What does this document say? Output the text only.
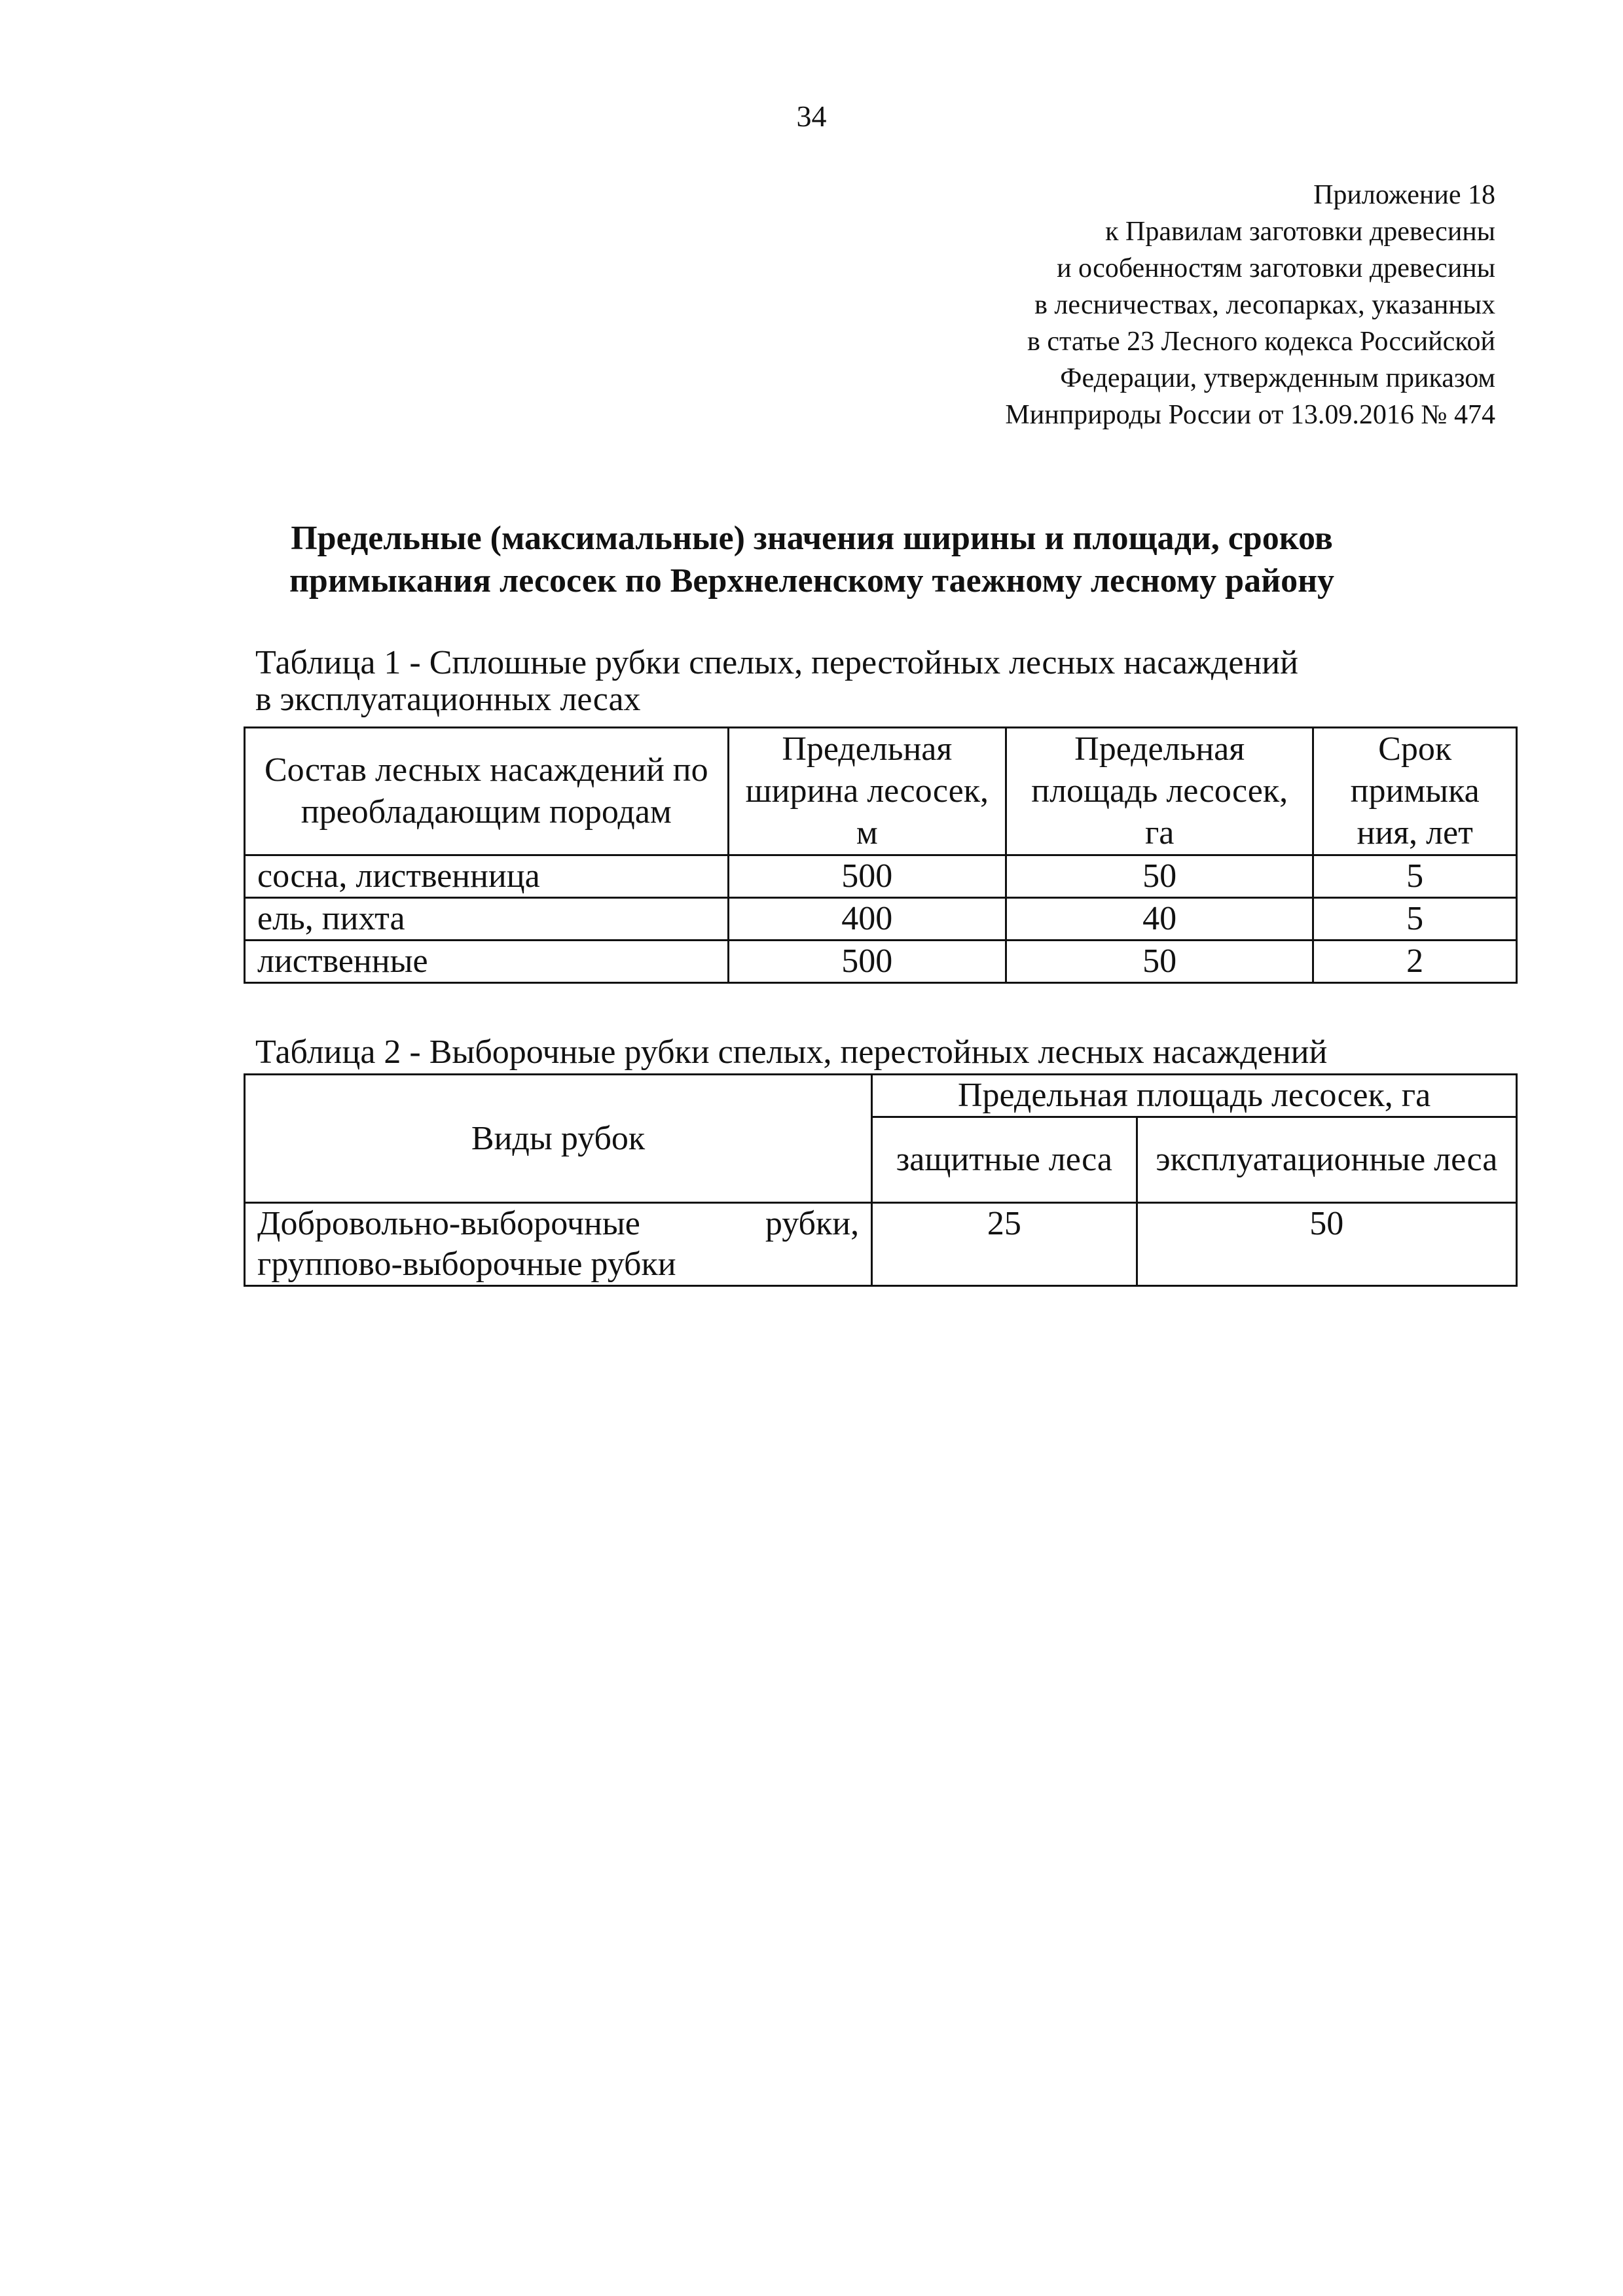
34
Приложение 18
к Правилам заготовки древесины
и особенностям заготовки древесины
в лесничествах, лесопарках, указанных
в статье 23 Лесного кодекса Российской
Федерации, утвержденным приказом
Минприроды России от 13.09.2016 № 474
Предельные (максимальные) значения ширины и площади, сроков
примыкания лесосек по Верхнеленскому таежному лесному району
Таблица 1 - Сплошные рубки спелых, перестойных лесных насаждений
в эксплуатационных лесах
Состав лесных насаждений по преобладающим породам	Предельная ширина лесосек, м	Предельная площадь лесосек, га	Срок примыка ния, лет
сосна, лиственница	500	50	5
ель, пихта	400	40	5
лиственные	500	50	2
Таблица 2 - Выборочные рубки спелых, перестойных лесных насаждений
Виды рубок	Предельная площадь лесосек, га	
	защитные леса	эксплуатационные леса

Добровольно-выборочные рубки,
группово-выборочные рубки	25	50
